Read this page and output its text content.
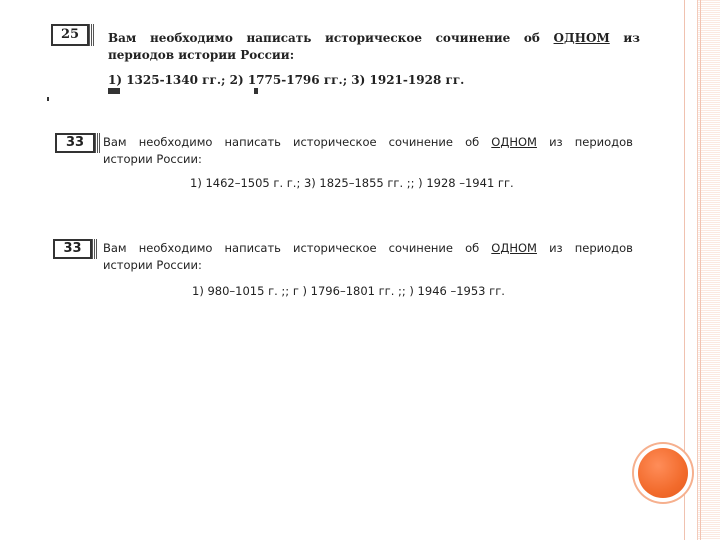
25	Вам необходимо написать историческое сочинение об ОДНОМ из
периодов истории России:
1) 1325-1340 гг.; 2) 1775-1796 гг.; 3) 1921-1928 гг.
33	Вам необходимо написать историческое сочинение об ОДНОМ из периодов
истории России:
1) 1462–1505 г. г.; 3) 1825–1855 гг. ;; ) 1928 –1941 гг.
33	Вам необходимо написать историческое сочинение об ОДНОМ из периодов
истории России:
1) 980–1015 г. ;; г ) 1796–1801 гг. ;; ) 1946 –1953 гг.
